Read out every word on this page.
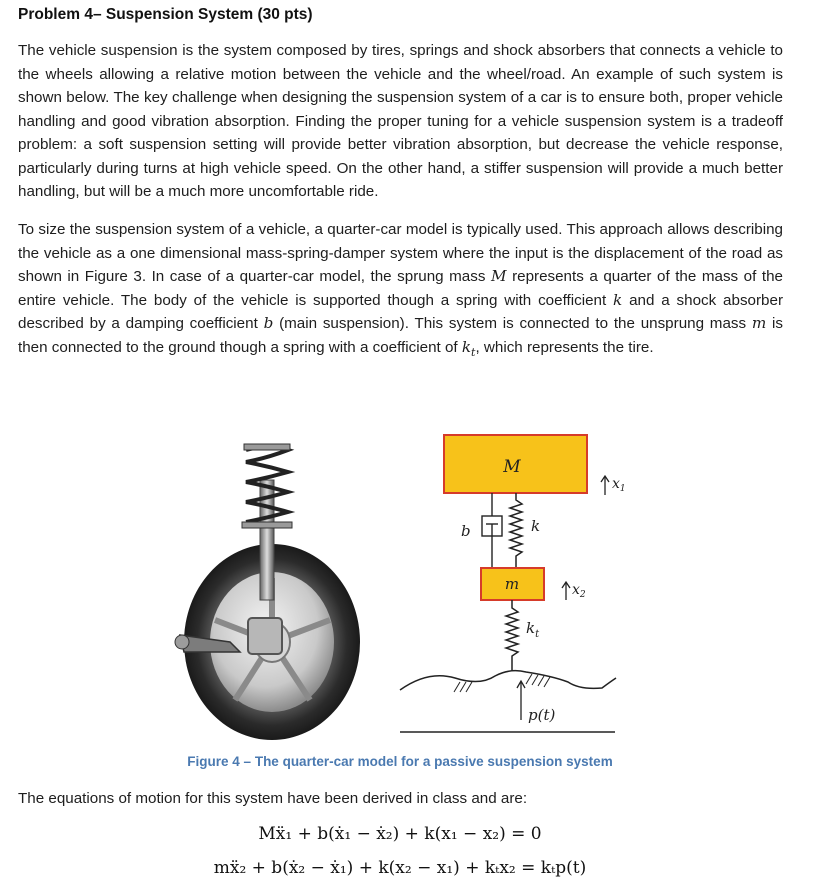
Problem 4– Suspension System (30 pts)
The vehicle suspension is the system composed by tires, springs and shock absorbers that connects a vehicle to the wheels allowing a relative motion between the vehicle and the wheel/road. An example of such system is shown below. The key challenge when designing the suspension system of a car is to ensure both, proper vehicle handling and good vibration absorption. Finding the proper tuning for a vehicle suspension system is a tradeoff problem: a soft suspension setting will provide better vibration absorption, but decrease the vehicle response, particularly during turns at high vehicle speed. On the other hand, a stiffer suspension will provide a much better handling, but will be a much more uncomfortable ride.
To size the suspension system of a vehicle, a quarter-car model is typically used. This approach allows describing the vehicle as a one dimensional mass-spring-damper system where the input is the displacement of the road as shown in Figure 3. In case of a quarter-car model, the sprung mass M represents a quarter of the mass of the entire vehicle. The body of the vehicle is supported though a spring with coefficient k and a shock absorber described by a damping coefficient b (main suspension). This system is connected to the unsprung mass m is then connected to the ground though a spring with a coefficient of $k_t$, which represents the tire.
M
$x_1$
b	k
m	$x_2$
$k_t$
p(t)
Figure 4 – The quarter-car model for a passive suspension system
The equations of motion for this system have been derived in class and are:
Mẍ₁ + b(ẋ₁ − ẋ₂) + k(x₁ − x₂) = 0
mẍ₂ + b(ẋ₂ − ẋ₁) + k(x₂ − x₁) + kₜx₂ = kₜp(t)
